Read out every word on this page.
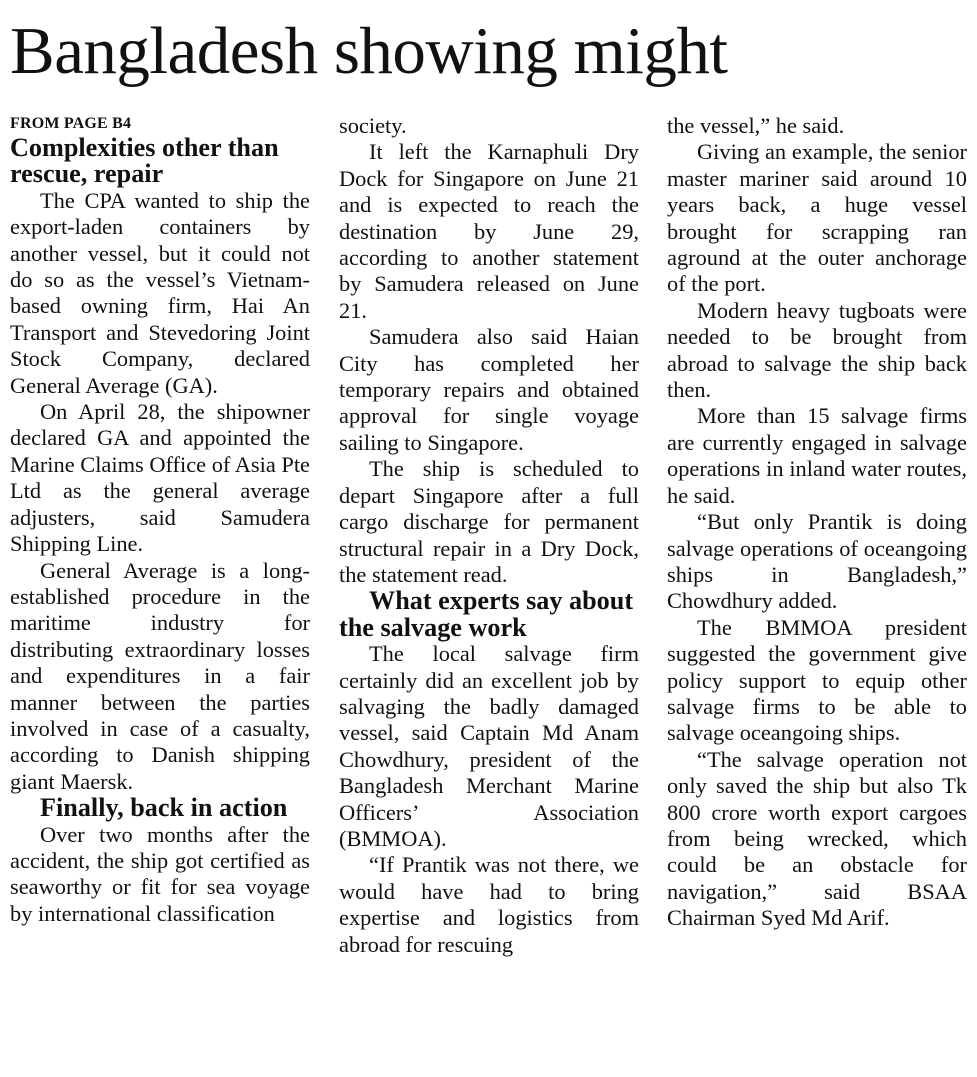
Bangladesh showing might
FROM PAGE B4
Complexities other than rescue, repair

The CPA wanted to ship the export-laden containers by another vessel, but it could not do so as the vessel’s Vietnam-based owning firm, Hai An Transport and Stevedoring Joint Stock Company, declared General Average (GA).

On April 28, the shipowner declared GA and appointed the Marine Claims Office of Asia Pte Ltd as the general average adjusters, said Samudera Shipping Line.

General Average is a long-established procedure in the maritime industry for distributing extraordinary losses and expenditures in a fair manner between the parties involved in case of a casualty, according to Danish shipping giant Maersk.

Finally, back in action

Over two months after the accident, the ship got certified as seaworthy or fit for sea voyage by international classification

society.

It left the Karnaphuli Dry Dock for Singapore on June 21 and is expected to reach the destination by June 29, according to another statement by Samudera released on June 21.

Samudera also said Haian City has completed her temporary repairs and obtained approval for single voyage sailing to Singapore.

The ship is scheduled to depart Singapore after a full cargo discharge for permanent structural repair in a Dry Dock, the statement read.

What experts say about the salvage work

The local salvage firm certainly did an excellent job by salvaging the badly damaged vessel, said Captain Md Anam Chowdhury, president of the Bangladesh Merchant Marine Officers’ Association (BMMOA).

“If Prantik was not there, we would have had to bring expertise and logistics from abroad for rescuing

the vessel,” he said.

Giving an example, the senior master mariner said around 10 years back, a huge vessel brought for scrapping ran aground at the outer anchorage of the port.

Modern heavy tugboats were needed to be brought from abroad to salvage the ship back then.

More than 15 salvage firms are currently engaged in salvage operations in inland water routes, he said.

“But only Prantik is doing salvage operations of oceangoing ships in Bangladesh,” Chowdhury added.

The BMMOA president suggested the government give policy support to equip other salvage firms to be able to salvage oceangoing ships.

“The salvage operation not only saved the ship but also Tk 800 crore worth export cargoes from being wrecked, which could be an obstacle for navigation,” said BSAA Chairman Syed Md Arif.
